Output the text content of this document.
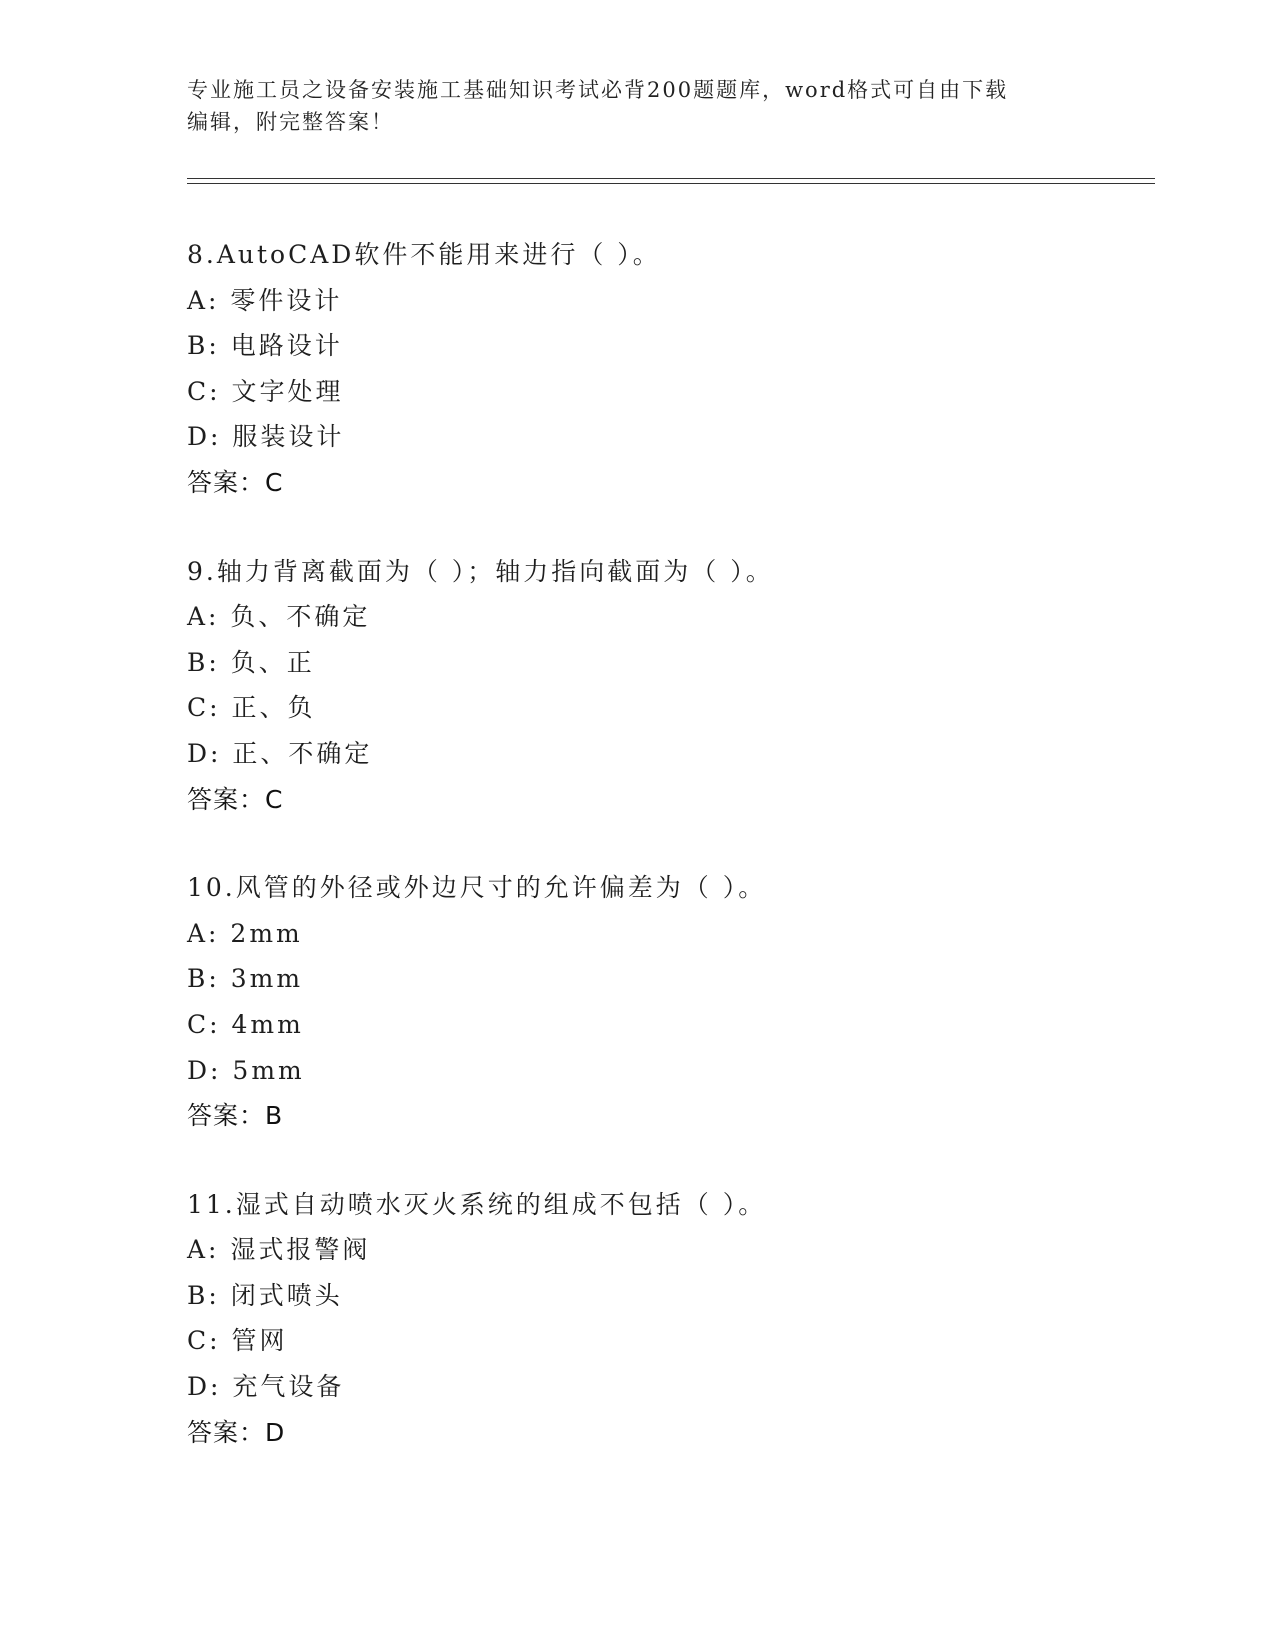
专业施工员之设备安装施工基础知识考试必背200题题库，word格式可自由下载
编辑，附完整答案！
8.AutoCAD软件不能用来进行（ ）。
A: 零件设计
B: 电路设计
C: 文字处理
D: 服装设计
答案：C
9.轴力背离截面为（ ）；轴力指向截面为（ ）。
A: 负、不确定
B: 负、正
C: 正、负
D: 正、不确定
答案：C
10.风管的外径或外边尺寸的允许偏差为（ ）。
A: 2mm
B: 3mm
C: 4mm
D: 5mm
答案：B
11.湿式自动喷水灭火系统的组成不包括（ ）。
A: 湿式报警阀
B: 闭式喷头
C: 管网
D: 充气设备
答案：D
